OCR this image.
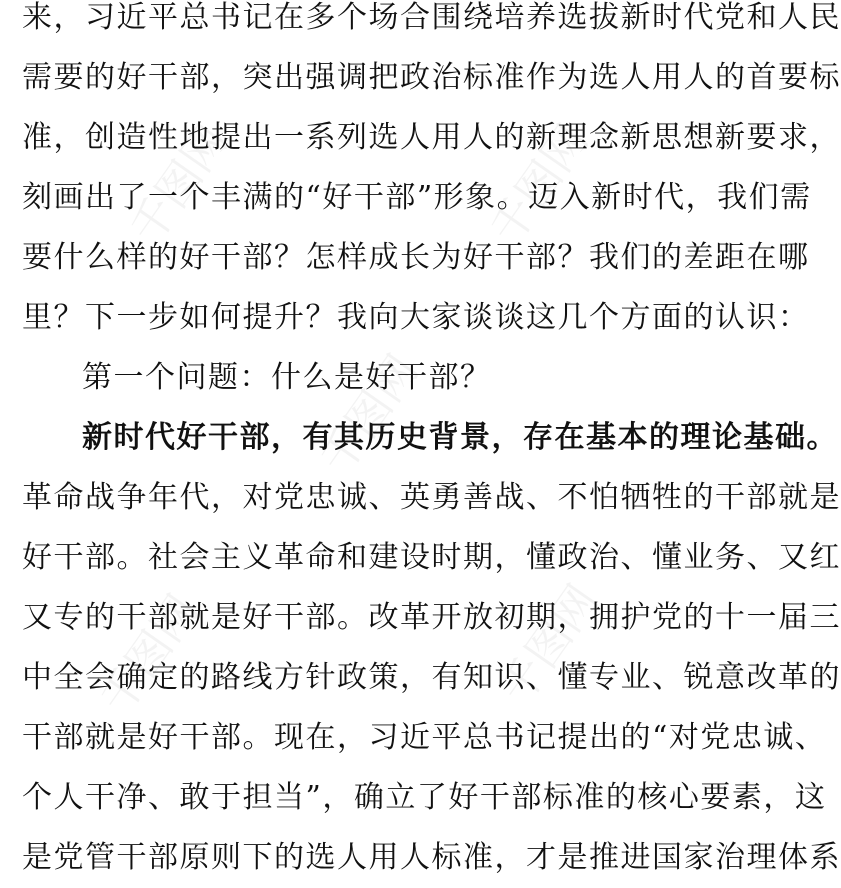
千图网	千图网
千图网
千图网	千图网
来，习近平总书记在多个场合围绕培养选拔新时代党和人民
需要的好干部，突出强调把政治标准作为选人用人的首要标
准，创造性地提出一系列选人用人的新理念新思想新要求，
刻画出了一个丰满的“好干部”形象。迈入新时代，我们需
要什么样的好干部？怎样成长为好干部？我们的差距在哪
里？下一步如何提升？我向大家谈谈这几个方面的认识：
第一个问题：什么是好干部？
新时代好干部，有其历史背景，存在基本的理论基础。
革命战争年代，对党忠诚、英勇善战、不怕牺牲的干部就是
好干部。社会主义革命和建设时期，懂政治、懂业务、又红
又专的干部就是好干部。改革开放初期，拥护党的十一届三
中全会确定的路线方针政策，有知识、懂专业、锐意改革的
干部就是好干部。现在，习近平总书记提出的“对党忠诚、
个人干净、敢于担当”，确立了好干部标准的核心要素，这
是党管干部原则下的选人用人标准，才是推进国家治理体系
